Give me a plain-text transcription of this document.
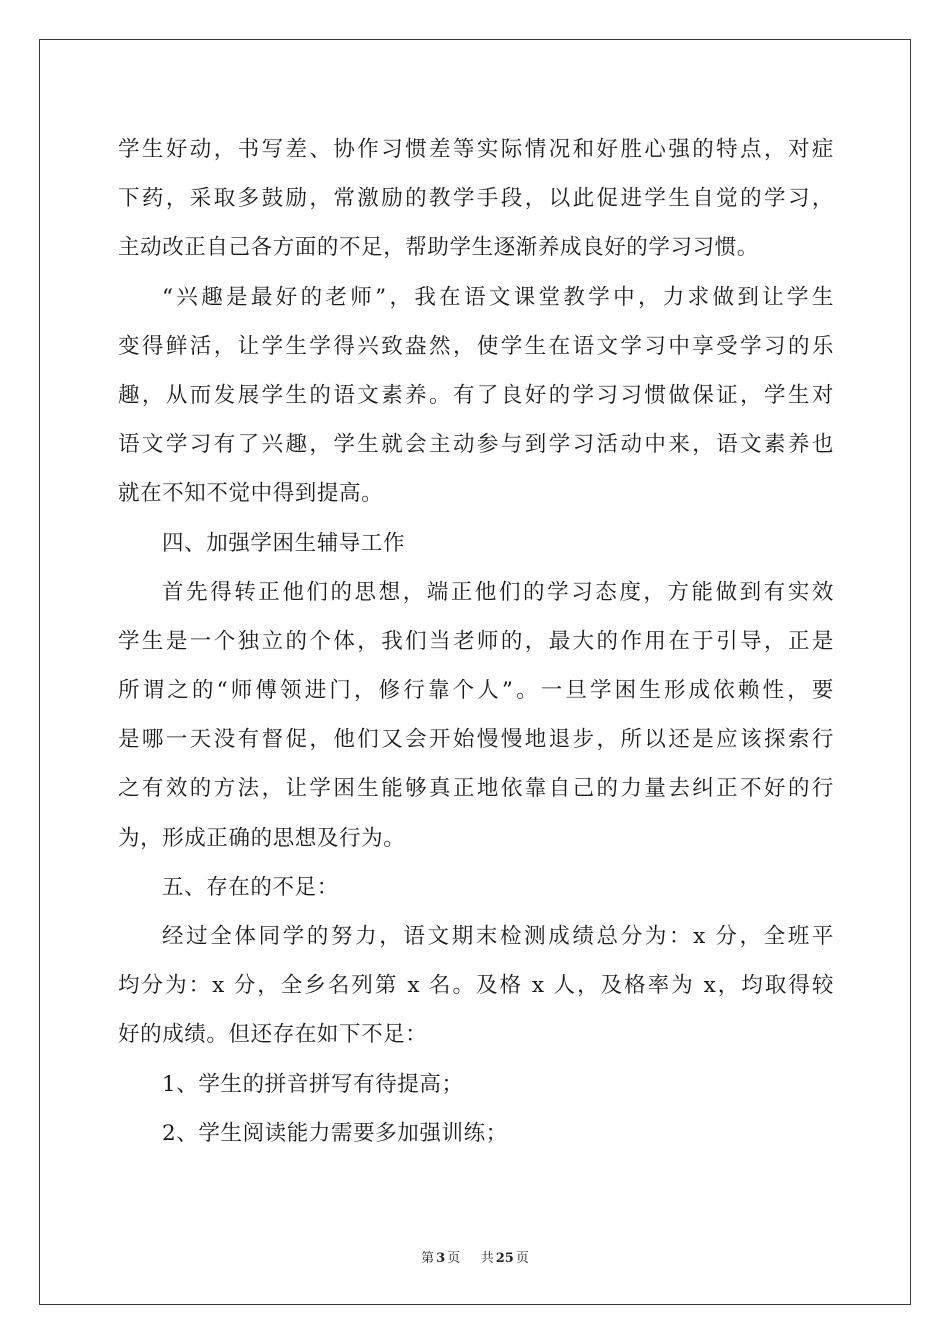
学生好动，书写差、协作习惯差等实际情况和好胜心强的特点，对症
下药，采取多鼓励，常激励的教学手段，以此促进学生自觉的学习，
主动改正自己各方面的不足，帮助学生逐渐养成良好的学习习惯。
“兴趣是最好的老师”，我在语文课堂教学中，力求做到让学生
变得鲜活，让学生学得兴致盎然，使学生在语文学习中享受学习的乐
趣，从而发展学生的语文素养。有了良好的学习习惯做保证，学生对
语文学习有了兴趣，学生就会主动参与到学习活动中来，语文素养也
就在不知不觉中得到提高。
四、加强学困生辅导工作
首先得转正他们的思想，端正他们的学习态度，方能做到有实效
学生是一个独立的个体，我们当老师的，最大的作用在于引导，正是
所谓之的“师傅领进门，修行靠个人”。一旦学困生形成依赖性，要
是哪一天没有督促，他们又会开始慢慢地退步，所以还是应该探索行
之有效的方法，让学困生能够真正地依靠自己的力量去纠正不好的行
为，形成正确的思想及行为。
五、存在的不足：
经过全体同学的努力，语文期末检测成绩总分为：x 分，全班平
均分为：x 分，全乡名列第 x 名。及格 x 人，及格率为 x，均取得较
好的成绩。但还存在如下不足：
1、学生的拼音拼写有待提高；
2、学生阅读能力需要多加强训练；
第 3 页 共 25 页
